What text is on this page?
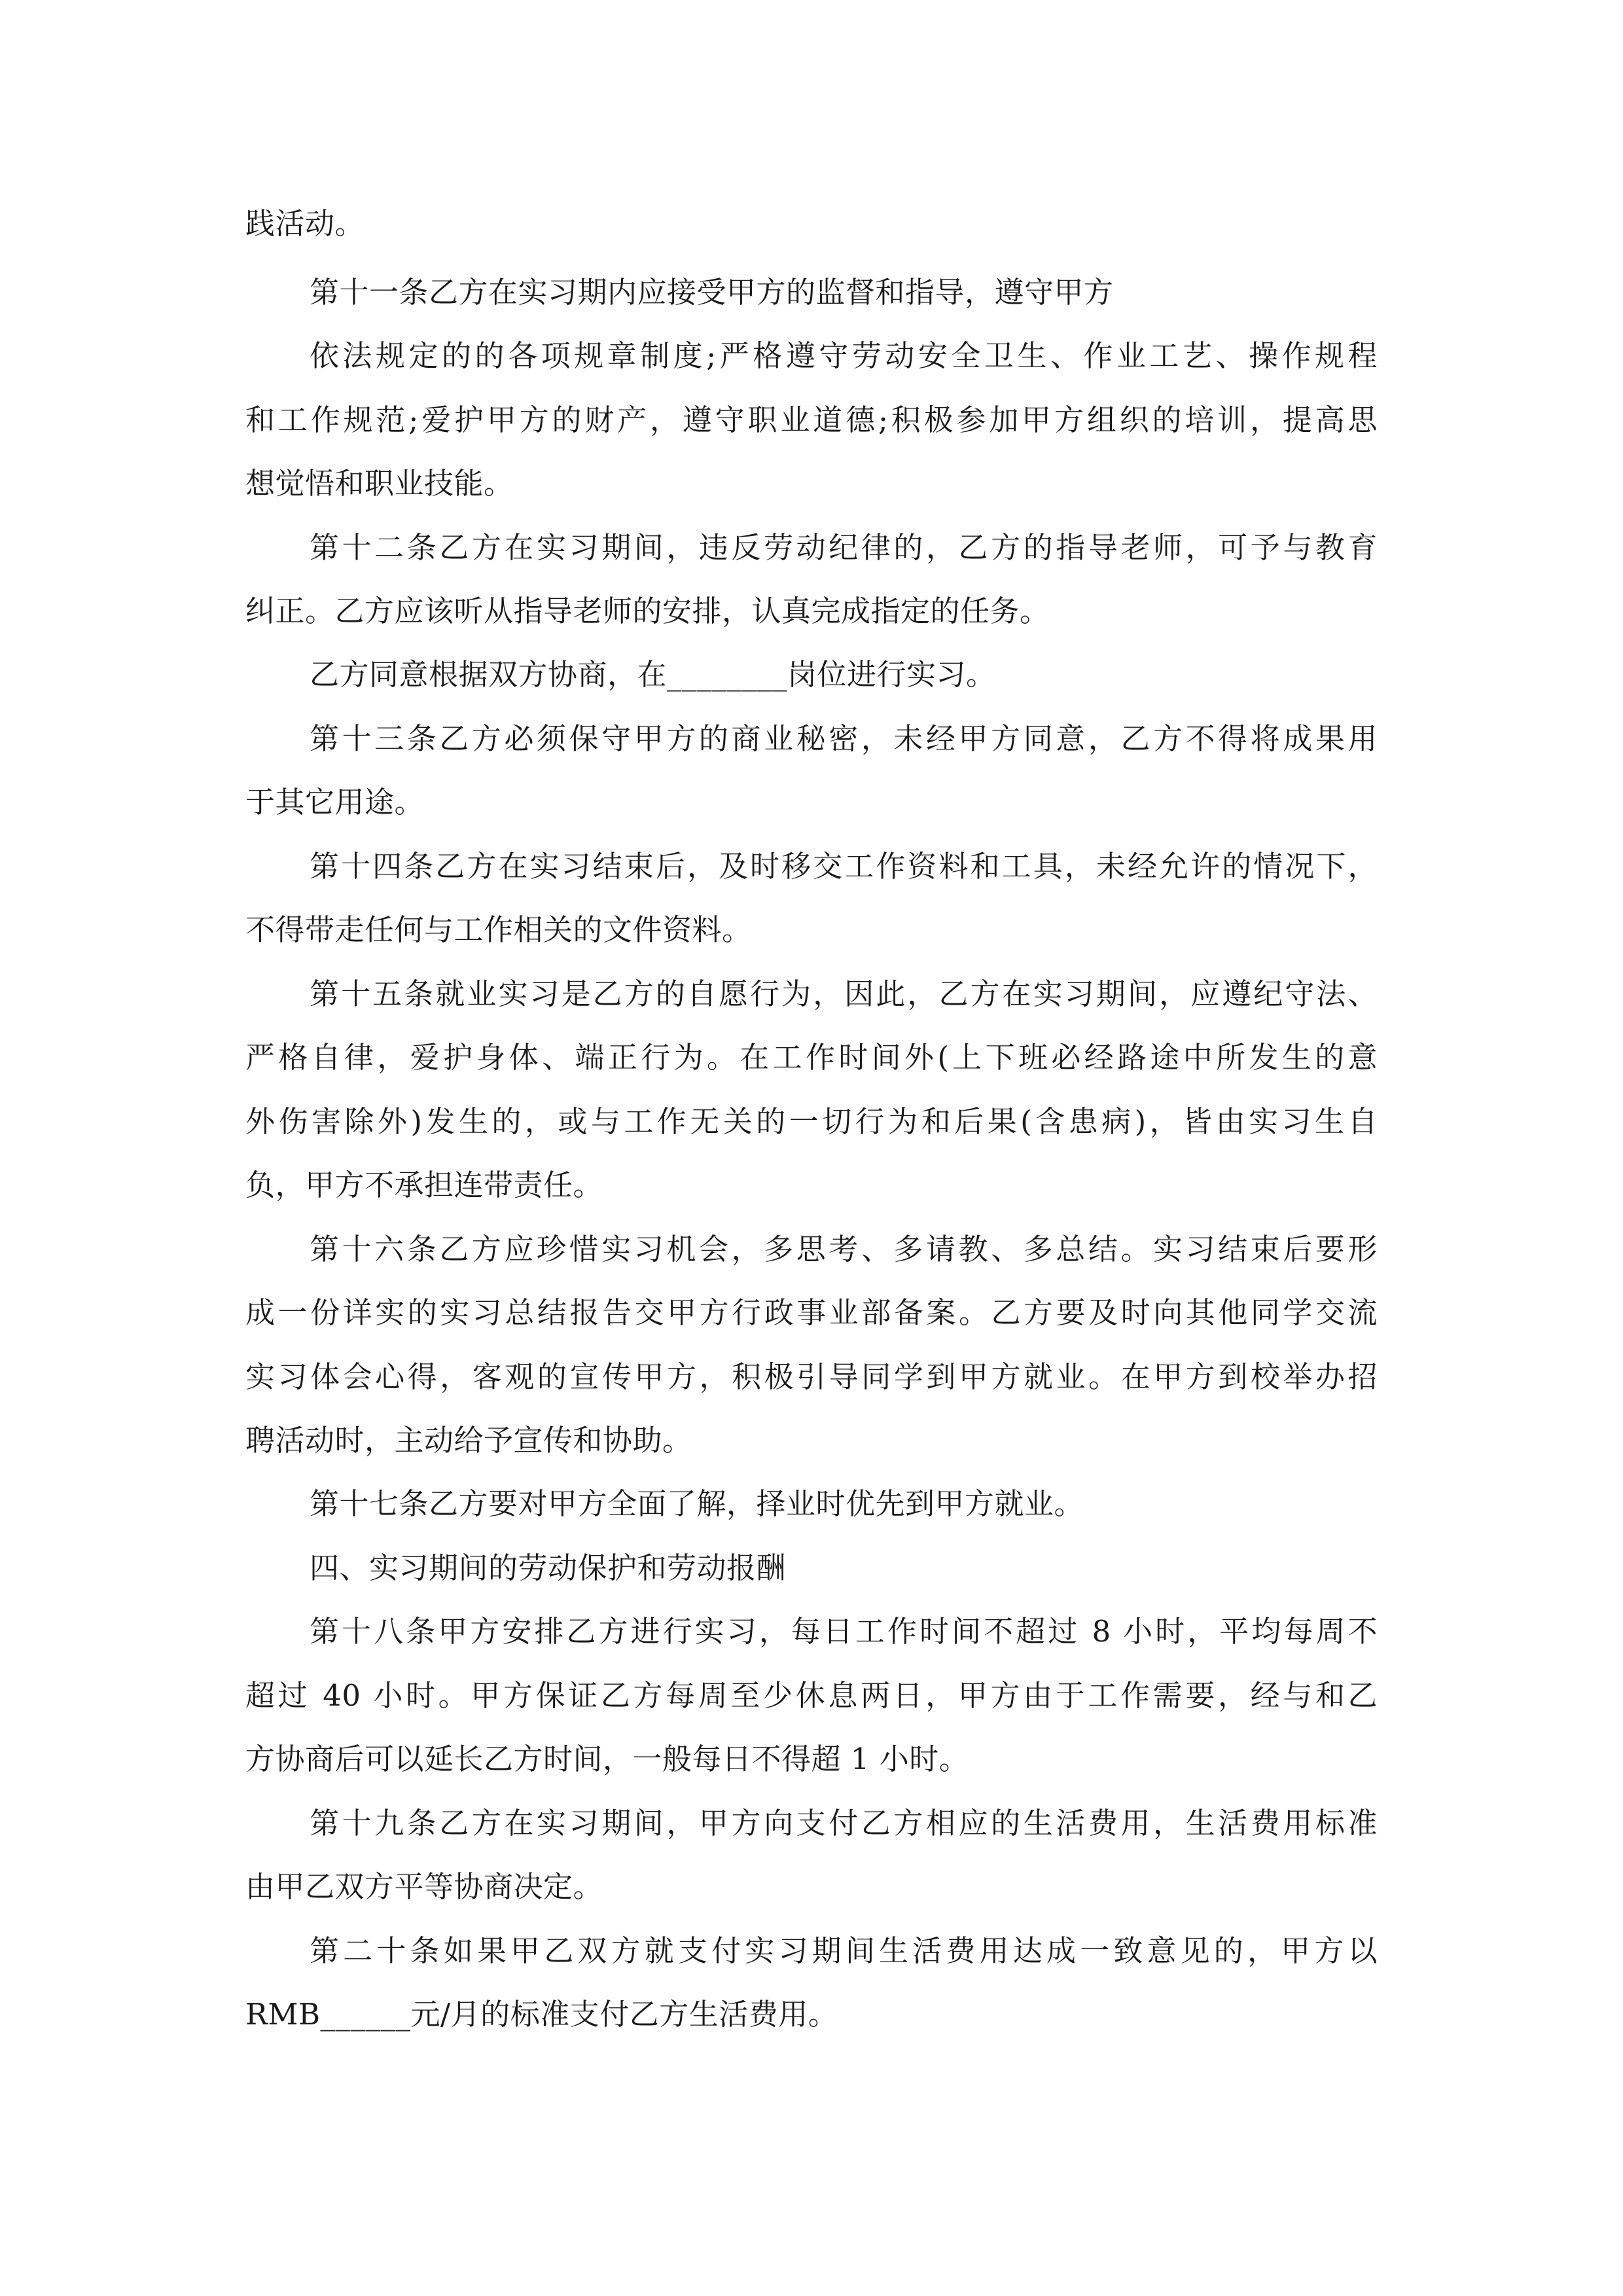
践活动。
第十一条乙方在实习期内应接受甲方的监督和指导，遵守甲方
依法规定的的各项规章制度;严格遵守劳动安全卫生、作业工艺、操作规程
和工作规范;爱护甲方的财产，遵守职业道德;积极参加甲方组织的培训，提高思
想觉悟和职业技能。
第十二条乙方在实习期间，违反劳动纪律的，乙方的指导老师，可予与教育
纠正。乙方应该听从指导老师的安排，认真完成指定的任务。
乙方同意根据双方协商，在________岗位进行实习。
第十三条乙方必须保守甲方的商业秘密，未经甲方同意，乙方不得将成果用
于其它用途。
第十四条乙方在实习结束后，及时移交工作资料和工具，未经允许的情况下，
不得带走任何与工作相关的文件资料。
第十五条就业实习是乙方的自愿行为，因此，乙方在实习期间，应遵纪守法、
严格自律，爱护身体、端正行为。在工作时间外(上下班必经路途中所发生的意
外伤害除外)发生的，或与工作无关的一切行为和后果(含患病)，皆由实习生自
负，甲方不承担连带责任。
第十六条乙方应珍惜实习机会，多思考、多请教、多总结。实习结束后要形
成一份详实的实习总结报告交甲方行政事业部备案。乙方要及时向其他同学交流
实习体会心得，客观的宣传甲方，积极引导同学到甲方就业。在甲方到校举办招
聘活动时，主动给予宣传和协助。
第十七条乙方要对甲方全面了解，择业时优先到甲方就业。
四、实习期间的劳动保护和劳动报酬
第十八条甲方安排乙方进行实习，每日工作时间不超过 8 小时，平均每周不
超过 40 小时。甲方保证乙方每周至少休息两日，甲方由于工作需要，经与和乙
方协商后可以延长乙方时间，一般每日不得超 1 小时。
第十九条乙方在实习期间，甲方向支付乙方相应的生活费用，生活费用标准
由甲乙双方平等协商决定。
第二十条如果甲乙双方就支付实习期间生活费用达成一致意见的，甲方以
RMB______元/月的标准支付乙方生活费用。
